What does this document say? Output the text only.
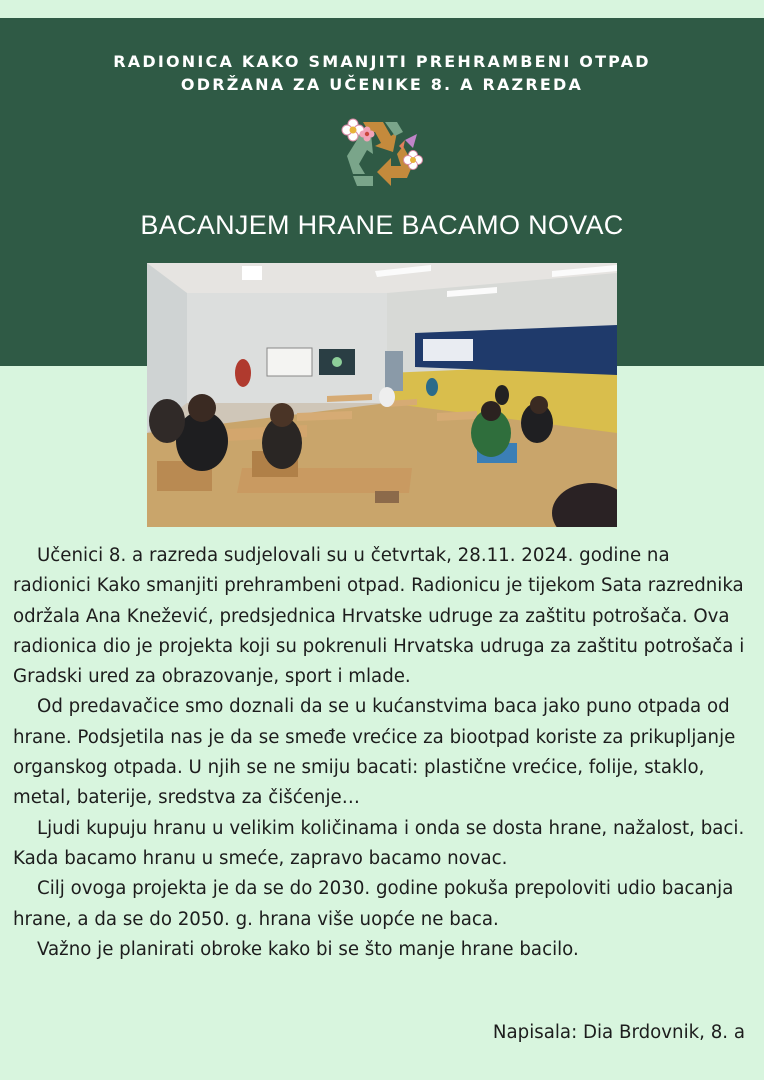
RADIONICA KAKO SMANJITI PREHRAMBENI OTPAD
ODRŽANA ZA UČENIKE 8. A RAZREDA
BACANJEM HRANE BACAMO NOVAC

Učenici 8. a razreda sudjelovali su u četvrtak, 28.11. 2024. godine na radionici Kako smanjiti prehrambeni otpad. Radionicu je tijekom Sata razrednika održala Ana Knežević, predsjednica Hrvatske udruge za zaštitu potrošača. Ova radionica dio je projekta koji su pokrenuli Hrvatska udruga za zaštitu potrošača i Gradski ured za obrazovanje, sport i mlade.

Od predavačice smo doznali da se u kućanstvima baca jako puno otpada od hrane. Podsjetila nas je da se smeđe vrećice za biootpad koriste za prikupljanje organskog otpada. U njih se ne smiju bacati: plastične vrećice, folije, staklo, metal, baterije, sredstva za čišćenje…

Ljudi kupuju hranu u velikim količinama i onda se dosta hrane, nažalost, baci. Kada bacamo hranu u smeće, zapravo bacamo novac.

Cilj ovoga projekta je da se do 2030. godine pokuša prepoloviti udio bacanja hrane, a da se do 2050. g. hrana više uopće ne baca.

Važno je planirati obroke kako bi se što manje hrane bacilo.

Napisala: Dia Brdovnik, 8. a
